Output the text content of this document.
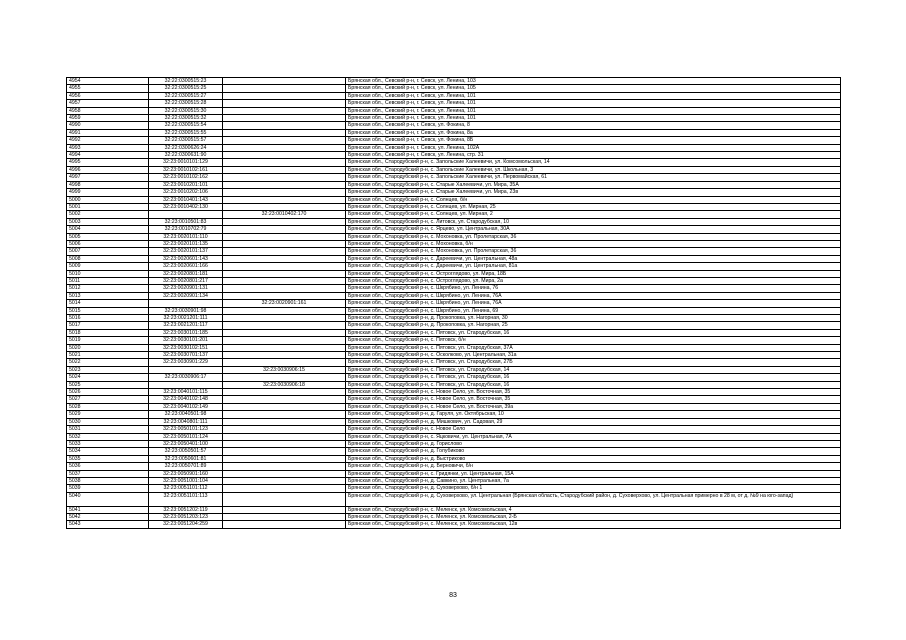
4954	32:22:0300515:23		Брянская обл., Севский р-н, г. Севск, ул. Ленина, 103
4955	32:22:0300515:25		Брянская обл., Севский р-н, г. Севск, ул. Ленина, 105
4956	32:22:0300515:27		Брянская обл., Севский р-н, г. Севск, ул. Ленина, 101
4957	32:22:0300515:28		Брянская обл., Севский р-н, г. Севск, ул. Ленина, 101
4958	32:22:0300515:30		Брянская обл., Севский р-н, г. Севск, ул. Ленина, 101
4959	32:22:0300515:32		Брянская обл., Севский р-н, г. Севск, ул. Ленина, 101
4990	32:22:0300515:54		Брянская обл., Севский р-н, г. Севск, ул. Фокина, 8
4991	32:22:0300515:55		Брянская обл., Севский р-н, г. Севск, ул. Фокина, 8а
4992	32:22:0300515:57		Брянская обл., Севский р-н, г. Севск, ул. Фокина, 8Б
4993	32:22:0300626:24		Брянская обл., Севский р-н, г. Севск, ул. Ленина, 102А
4994	32:22:0300631:90		Брянская обл., Севский р-н, г. Севск, ул. Ленина, стр. 31
4995	32:23:0010101:129		Брянская обл., Стародубский р-н, с. Запольские Халеевичи, ул. Комсомольская, 14
4996	32:23:0010102:161		Брянская обл., Стародубский р-н, с. Запольские Халеевичи, ул. Школьная, 3
4997	32:23:0010102:162		Брянская обл., Стародубский р-н, с. Запольские Халеевичи, ул. Первомайская, 61
4998	32:23:0010201:101		Брянская обл., Стародубский р-н, с. Старые Халеевичи, ул. Мира, 35А
4999	32:23:0010202:106		Брянская обл., Стародубский р-н, с. Старые Халеевичи, ул. Мира, 23в
5000	32:23:0010401:143		Брянская обл., Стародубский р-н, с. Солнцев, б/н
5001	32:23:0010402:130		Брянская обл., Стародубский р-н, с. Солнцев, ул. Мирная, 25
5002		32:23:0010402:170	Брянская обл., Стародубский р-н, с. Солнцев, ул. Мирная, 2
5003	32:23:0010501:83		Брянская обл., Стародубский р-н, с. Литовск, ул. Стародубская, 10
5004	32:23:0010702:79		Брянская обл., Стародубский р-н, с. Ярцево, ул. Центральная, 30А
5005	32:23:0020101:110		Брянская обл., Стародубский р-н, с. Мохоновка, ул. Пролетарская, 36
5006	32:23:0020101:135		Брянская обл., Стародубский р-н, с. Мохоновка, б/н
5007	32:23:0020101:137		Брянская обл., Стародубский р-н, с. Мохоновка, ул. Пролетарская, 36
5008	32:23:0020601:143		Брянская обл., Стародубский р-н, с. Дареевичи, ул. Центральная, 48а
5009	32:23:0020601:166		Брянская обл., Стародубский р-н, с. Дареевичи, ул. Центральная, 81а
5010	32:23:0020801:181		Брянская обл., Стародубский р-н, с. Остроглядово, ул. Мира, 18Б
5011	32:23:0020801:217		Брянская обл., Стародубский р-н, с. Остроглядово, ул. Мира, 2а
5012	32:23:0020901:131		Брянская обл., Стародубский р-н, с. Шкрябино, ул. Ленина, 76
5013	32:23:0020901:134		Брянская обл., Стародубский р-н, с. Шкрябино, ул. Ленина, 76А
5014		32:23:0020901:161	Брянская обл., Стародубский р-н, с. Шкрябино, ул. Ленина, 76А
5015	32:23:0030901:98		Брянская обл., Стародубский р-н, с. Шкрябино, ул. Ленина, 69
5016	32:23:0021201:111		Брянская обл., Стародубский р-н, д. Прокоповка, ул. Нагорная, 30
5017	32:23:0021201:117		Брянская обл., Стародубский р-н, д. Прокоповка, ул. Нагорная, 25
5018	32:23:0030101:185		Брянская обл., Стародубский р-н, с. Пятовск, ул. Стародубская, 16
5019	32:23:0030101:201		Брянская обл., Стародубский р-н, с. Пятовск, б/н
5020	32:23:0030102:151		Брянская обл., Стародубский р-н, с. Пятовск, ул. Стародубская, 37А
5021	32:23:0030701:137		Брянская обл., Стародубский р-н, с. Осколково, ул. Центральная, 31а
5022	32:23:0030901:229		Брянская обл., Стародубский р-н, с. Пятовск, ул. Стародубская, 27Б
5023		32:23:0030906:15	Брянская обл., Стародубский р-н, с. Пятовск, ул. Стародубская, 14
5024	32:23:0030906:17		Брянская обл., Стародубский р-н, с. Пятовск, ул. Стародубская, 16
5025		32:23:0030906:18	Брянская обл., Стародубский р-н, с. Пятовск, ул. Стародубская, 16
5026	32:23:0040101:115		Брянская обл., Стародубский р-н, с. Новое Село, ул. Восточная, 35
5027	32:23:0040102:148		Брянская обл., Стародубский р-н, с. Новое Село, ул. Восточная, 35
5028	32:23:0040102:149		Брянская обл., Стародубский р-н, с. Новое Село, ул. Восточная, 39а
5029	32:23:0040501:98		Брянская обл., Стародубский р-н, д. Гаруля, ул. Октябрьская, 10
5030	32:23:0040801:111		Брянская обл., Стародубский р-н, д. Мишкович, ул. Садовая, 29
5031	32:23:0050101:123		Брянская обл., Стародубский р-н, с. Новое Село
5032	32:23:0050101:124		Брянская обл., Стародубский р-н, с. Яцковичи, ул. Центральная, 7А
5033	32:23:0050401:100		Брянская обл., Стародубский р-н, д. Горислово
5034	32:23:0050501:57		Брянская обл., Стародубский р-н, д. Голубиково
5035	32:23:0050601:81		Брянская обл., Стародубский р-н, д. Выстриково
5036	32:23:0050701:89		Брянская обл., Стародубский р-н, д. Берновичи, б/н
5037	32:23:0050901:160		Брянская обл., Стародубский р-н, с. Гридянки, ул. Центральная, 15А
5038	32:23:0051001:104		Брянская обл., Стародубский р-н, д. Савкино, ул. Центральная, 7а
5039	32:23:0051101:112		Брянская обл., Стародубский р-н, д. Суховерхово, б/н 1
5040	32:23:0051101:113		Брянская обл., Стародубский р-н, д. Суховерхово, ул. Центральная (Брянская область, Стародубский район, д. Суховерхово, ул. Центральная примерно в 28 м, от д. №9 на юго-запад)
5041	32:23:0051202:119		Брянская обл., Стародубский р-н, с. Меленск, ул. Комсомольская, 4
5042	32:23:0051203:123		Брянская обл., Стародубский р-н, с. Меленск, ул. Комсомольская, 2-Б
5043	32:23:0051204:259		Брянская обл., Стародубский р-н, с. Меленск, ул. Комсомольская, 12в
83
